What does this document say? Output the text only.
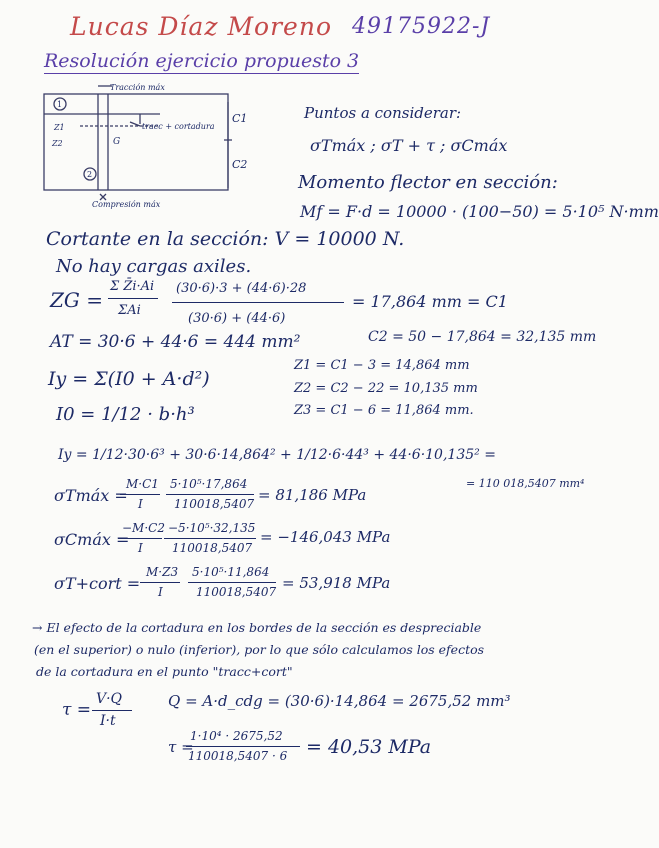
Lucas Díaz Moreno 49175922-J
Resolución ejercicio propuesto 3
Tracción máx
tracc + cortadura
Compresión máx
C1
C2
1
2
Z1
Z2	G
Puntos a considerar:
σTmáx ; σT + τ ; σCmáx
Momento flector en sección:
Mf = F·d = 10000 · (100−50) = 5·10⁵ N·mm
Cortante en la sección: V = 10000 N.
No hay cargas axiles.
ZG =
Σ Z̄i·Ai
ΣAi
(30·6)·3 + (44·6)·28
(30·6) + (44·6)
= 17,864 mm = C1
C2 = 50 − 17,864 = 32,135 mm
AT = 30·6 + 44·6 = 444 mm²
Z1 = C1 − 3 = 14,864 mm
Z2 = C2 − 22 = 10,135 mm
Z3 = C1 − 6 = 11,864 mm.
Iy = Σ(I0 + A·d²)
I0 = 1/12 · b·h³
Iy = 1/12·30·6³ + 30·6·14,864² + 1/12·6·44³ + 44·6·10,135² =
= 110 018,5407 mm⁴
σTmáx =
M·C1
I
5·10⁵·17,864
110018,5407 = 81,186 MPa
σCmáx =
−M·C2
I
−5·10⁵·32,135
110018,5407
= −146,043 MPa
σT+cort =
M·Z3
I
5·10⁵·11,864
110018,5407 = 53,918 MPa
→ El efecto de la cortadura en los bordes de la sección es despreciable
(en el superior) o nulo (inferior), por lo que sólo calculamos los efectos
de la cortadura en el punto "tracc+cort"
τ =
V·Q
I·t
Q = A·d_cdg = (30·6)·14,864 = 2675,52 mm³
τ =
1·10⁴ · 2675,52
110018,5407 · 6 = 40,53 MPa
